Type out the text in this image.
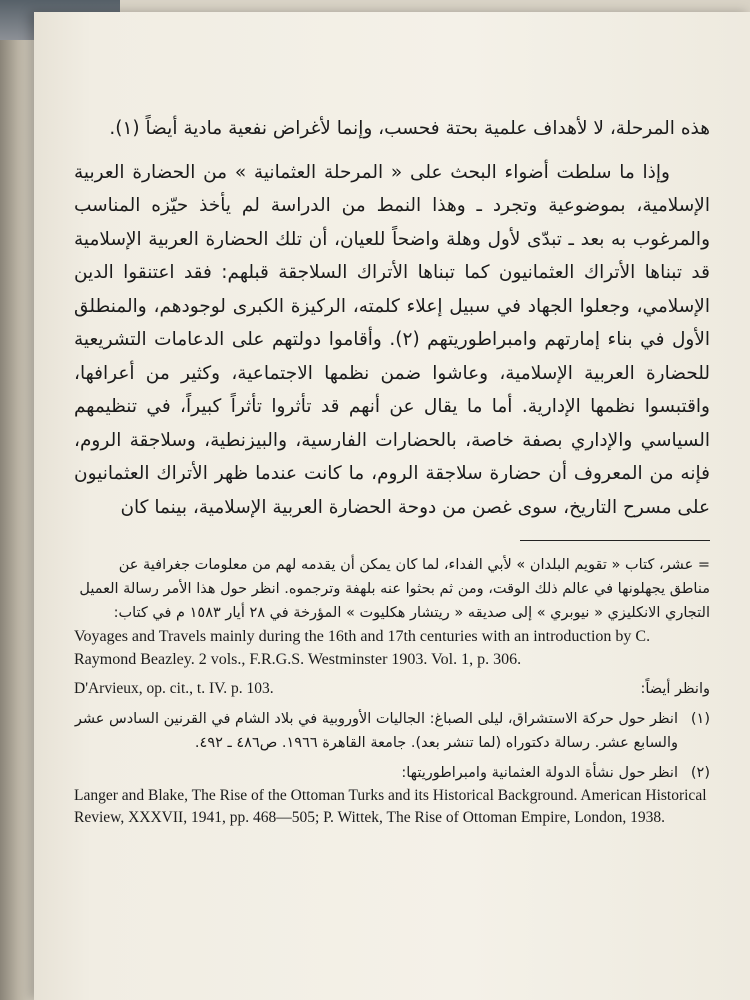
هذه المرحلة، لا لأهداف علمية بحتة فحسب، وإنما لأغراض نفعية مادية أيضاً (١).

وإذا ما سلطت أضواء البحث على « المرحلة العثمانية » من الحضارة العربية الإسلامية، بموضوعية وتجرد ـ وهذا النمط من الدراسة لم يأخذ حيّزه المناسب والمرغوب به بعد ـ تبدّى لأول وهلة واضحاً للعيان، أن تلك الحضارة العربية الإسلامية قد تبناها الأتراك العثمانيون كما تبناها الأتراك السلاجقة قبلهم: فقد اعتنقوا الدين الإسلامي، وجعلوا الجهاد في سبيل إعلاء كلمته، الركيزة الكبرى لوجودهم، والمنطلق الأول في بناء إمارتهم وامبراطوريتهم (٢). وأقاموا دولتهم على الدعامات التشريعية للحضارة العربية الإسلامية، وعاشوا ضمن نظمها الاجتماعية، وكثير من أعرافها، واقتبسوا نظمها الإدارية. أما ما يقال عن أنهم قد تأثروا تأثراً كبيراً، في تنظيمهم السياسي والإداري بصفة خاصة، بالحضارات الفارسية، والبيزنطية، وسلاجقة الروم، فإنه من المعروف أن حضارة سلاجقة الروم، ما كانت عندما ظهر الأتراك العثمانيون على مسرح التاريخ، سوى غصن من دوحة الحضارة العربية الإسلامية، بينما كان

= عشر، كتاب « تقويم البلدان » لأبي الفداء، لما كان يمكن أن يقدمه لهم من معلومات جغرافية عن مناطق يجهلونها في عالم ذلك الوقت، ومن ثم بحثوا عنه بلهفة وترجموه. انظر حول هذا الأمر رسالة العميل التجاري الانكليزي « نيوبري » إلى صديقه « ريتشار هكليوت » المؤرخة في ٢٨ أيار ١٥٨٣ م في كتاب:

Voyages and Travels mainly during the 16th and 17th centuries with an introduction by C. Raymond Beazley. 2 vols., F.R.G.S. Westminster 1903. Vol. 1, p. 306.

D'Arvieux, op. cit., t. IV. p. 103.	وانظر أيضاً:
(١)
انظر حول حركة الاستشراق، ليلى الصباغ: الجاليات الأوروبية في بلاد الشام في القرنين السادس عشر والسابع عشر. رسالة دكتوراه (لما تنشر بعد). جامعة القاهرة ١٩٦٦. ص٤٨٦ ـ ٤٩٢.
(٢)
انظر حول نشأة الدولة العثمانية وامبراطوريتها:

Langer and Blake, The Rise of the Ottoman Turks and its Historical Background. American Historical Review, XXXVII, 1941, pp. 468—505; P. Wittek, The Rise of Ottoman Empire, London, 1938.
